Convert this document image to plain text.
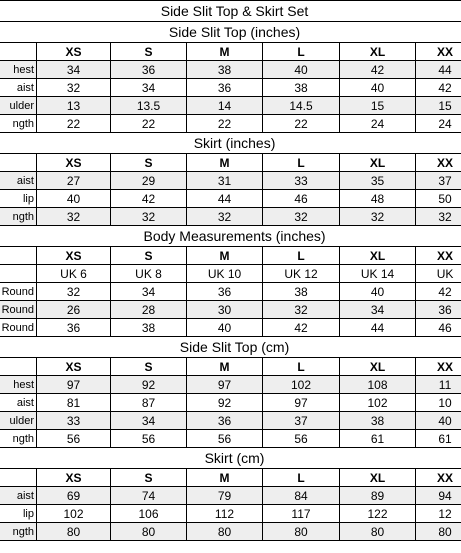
Side Slit Top & Skirt Set						
Side Slit Top (inches)						
	XS	S	M	L	XL	XX
hest	34	36	38	40	42	44
aist	32	34	36	38	40	42
ulder	13	13.5	14	14.5	15	15
ngth	22	22	22	22	24	24
Skirt (inches)						
	XS	S	M	L	XL	XX
aist	27	29	31	33	35	37
lip	40	42	44	46	48	50
ngth	32	32	32	32	32	32
Body Measurements (inches)						
	XS	S	M	L	XL	XX
	UK 6	UK 8	UK 10	UK 12	UK 14	UK
Round	32	34	36	38	40	42
Round	26	28	30	32	34	36
Round	36	38	40	42	44	46
Side Slit Top (cm)						
	XS	S	M	L	XL	XX
hest	97	92	97	102	108	11
aist	81	87	92	97	102	10
ulder	33	34	36	37	38	40
ngth	56	56	56	56	61	61
Skirt (cm)						
	XS	S	M	L	XL	XX
aist	69	74	79	84	89	94
lip	102	106	112	117	122	12
ngth	80	80	80	80	80	80
